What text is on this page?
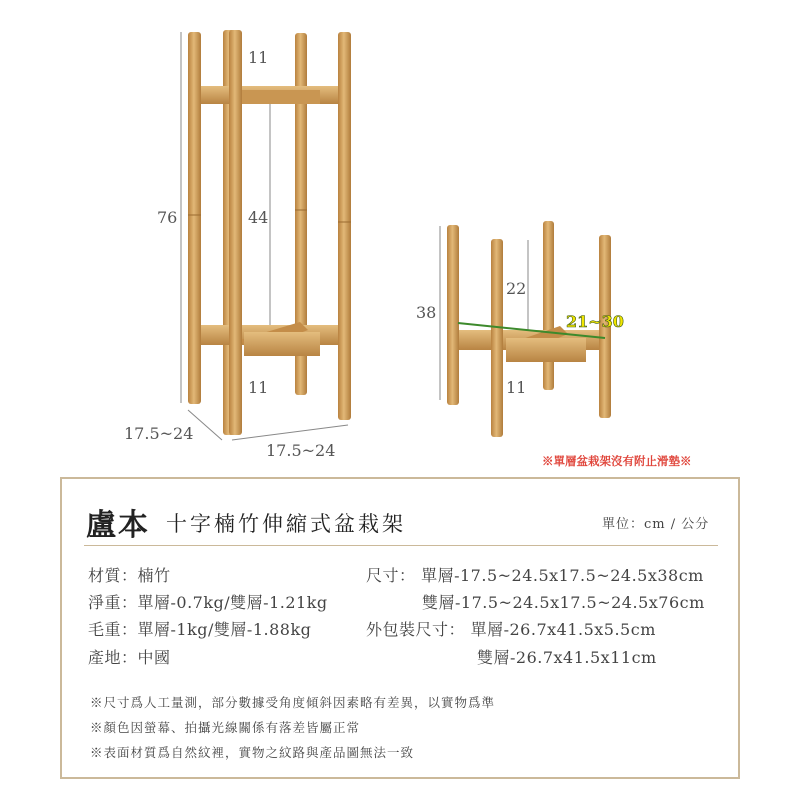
11
76	44
11
17.5~24
17.5~24
38
22
21~30
11
※單層盆栽架沒有附止滑墊※
盧本 十字楠竹伸縮式盆栽架	單位：cm / 公分
材質：楠竹
淨重：單層-0.7kg/雙層-1.21kg
毛重：單層-1kg/雙層-1.88kg
產地：中國
尺寸： 單層-17.5~24.5x17.5~24.5x38cm
雙層-17.5~24.5x17.5~24.5x76cm
外包裝尺寸： 單層-26.7x41.5x5.5cm
雙層-26.7x41.5x11cm
※尺寸爲人工量測，部分數據受角度傾斜因素略有差異，以實物爲準
※顏色因螢幕、拍攝光線關係有落差皆屬正常
※表面材質爲自然紋裡，實物之紋路與產品圖無法一致
